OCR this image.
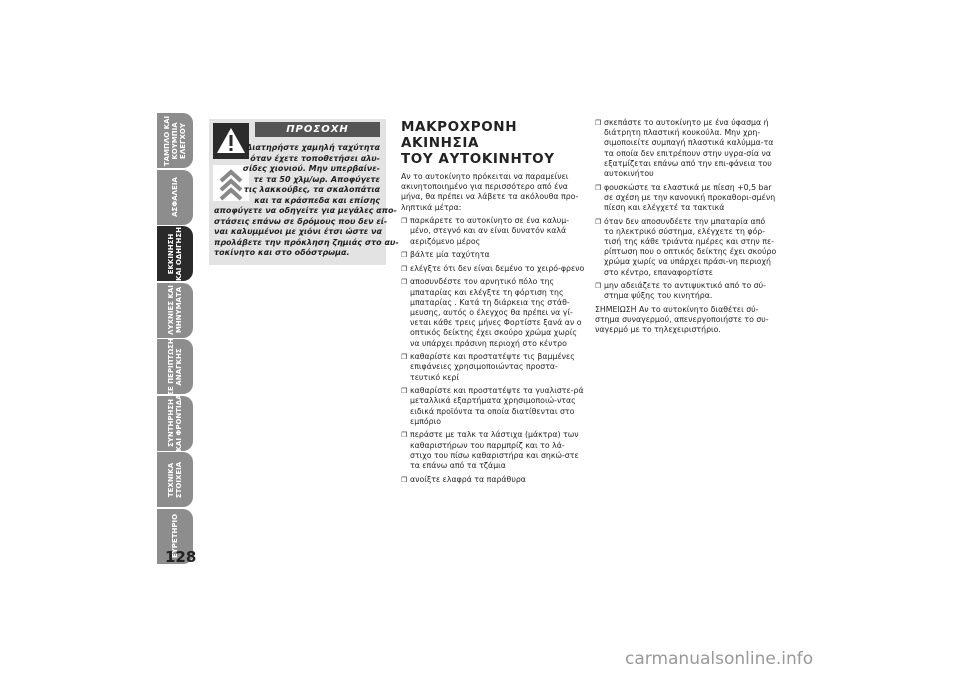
ΤΑΜΠΛΟ ΚΑΙ
ΚΟΥΜΠΙΑ
ΕΛΕΓΧΟΥ
ΑΣΦΑΛΕΙΑ
ΕΚΚΙΝΗΣΗ
ΚΑΙ ΟΔΗΓΗΣΗ
ΛΥΧΝΙΕΣ ΚΑΙ
ΜΗΝΥΜΑΤΑ
ΣΕ ΠΕΡΙΠΤΩΣΗ
ΑΝΑΓΚΗΣ
ΣΥΝΤΗΡΗΣΗ
ΚΑΙ ΦΡΟΝΤΙΔΑ
ΤΕΧΝΙΚΑ
ΣΤΟΙΧΕΙΑ
ΕΥΡΕΤΗΡΙΟ
128
ΠΡΟΣΟΧΗ
Διατηρήστε χαμηλή ταχύτητα
όταν έχετε τοποθετήσει αλυ-
σίδες χιονιού. Μην υπερβαίνε-
τε τα 50 χλμ/ωρ. Αποφύγετε
τις λακκούβες, τα σκαλοπάτια
και τα κράσπεδα και επίσης
αποφύγετε να οδηγείτε για μεγάλες απο-
στάσεις επάνω σε δρόμους που δεν εί-
ναι καλυμμένοι με χιόνι έτσι ώστε να
προλάβετε την πρόκληση ζημιάς στο αυ-
τοκίνητο και στο οδόστρωμα.
ΜΑΚΡΟΧΡΟΝΗ
ΑΚΙΝΗΣΙΑ
ΤΟΥ ΑΥΤΟΚΙΝΗΤΟΥ

Αν το αυτοκίνητο πρόκειται να παραμείνει ακινητοποιημένο για περισσότερο από ένα μήνα, θα πρέπει να λάβετε τα ακόλουθα προ-ληπτικά μέτρα:

❐ παρκάρετε το αυτοκίνητο σε ένα καλυμ-μένο, στεγνό και αν είναι δυνατόν καλά αεριζόμενο μέρος
❐ βάλτε μία ταχύτητα
❐ ελέγξτε ότι δεν είναι δεμένο το χειρό-φρενο
❐ αποσυνδέστε τον αρνητικό πόλο της μπαταρίας και ελέγξτε τη φόρτιση της μπαταρίας . Κατά τη διάρκεια της στάθ-μευσης, αυτός ο έλεγχος θα πρέπει να γί-νεται κάθε τρεις μήνες Φορτίστε ξανά αν ο οπτικός δείκτης έχει σκούρο χρώμα χωρίς να υπάρχει πράσινη περιοχή στο κέντρο
❐ καθαρίστε και προστατέψτε τις βαμμένες επιφάνειες χρησιμοποιώντας προστα-τευτικό κερί
❐ καθαρίστε και προστατέψτε τα γυαλιστε-ρά μεταλλικά εξαρτήματα χρησιμοποιώ-ντας ειδικά προϊόντα τα οποία διατίθενται στο εμπόριο
❐ περάστε με ταλκ τα λάστιχα (μάκτρα) των καθαριστήρων του παρμπρίζ και το λά-στιχο του πίσω καθαριστήρα και σηκώ-στε τα επάνω από τα τζάμια
❐ ανοίξτε ελαφρά τα παράθυρα
❐ σκεπάστε το αυτοκίνητο με ένα ύφασμα ή διάτρητη πλαστική κουκούλα. Μην χρη-σιμοποιείτε συμπαγή πλαστικά καλύμμα-τα τα οποία δεν επιτρέπουν στην υγρα-σία να εξατμίζεται επάνω από την επι-φάνεια του αυτοκινήτου
❐ φουσκώστε τα ελαστικά με πίεση +0,5 bar σε σχέση με την κανονική προκαθορι-σμένη πίεση και ελέγχετέ τα τακτικά
❐ όταν δεν αποσυνδέετε την μπαταρία από το ηλεκτρικό σύστημα, ελέγχετε τη φόρ-τισή της κάθε τριάντα ημέρες και στην πε-ρίπτωση που ο οπτικός δείκτης έχει σκούρο χρώμα χωρίς να υπάρχει πράσι-νη περιοχή στο κέντρο, επαναφορτίστε
❐ μην αδειάζετε το αντιψυκτικό από το σύ-στημα ψύξης του κινητήρα.

ΣΗΜΕΙΩΣΗ Αν το αυτοκίνητο διαθέτει σύ-στημα συναγερμού, απενεργοποιήστε το συ-ναγερμό με το τηλεχειριστήριο.

carmanualsonline.info
